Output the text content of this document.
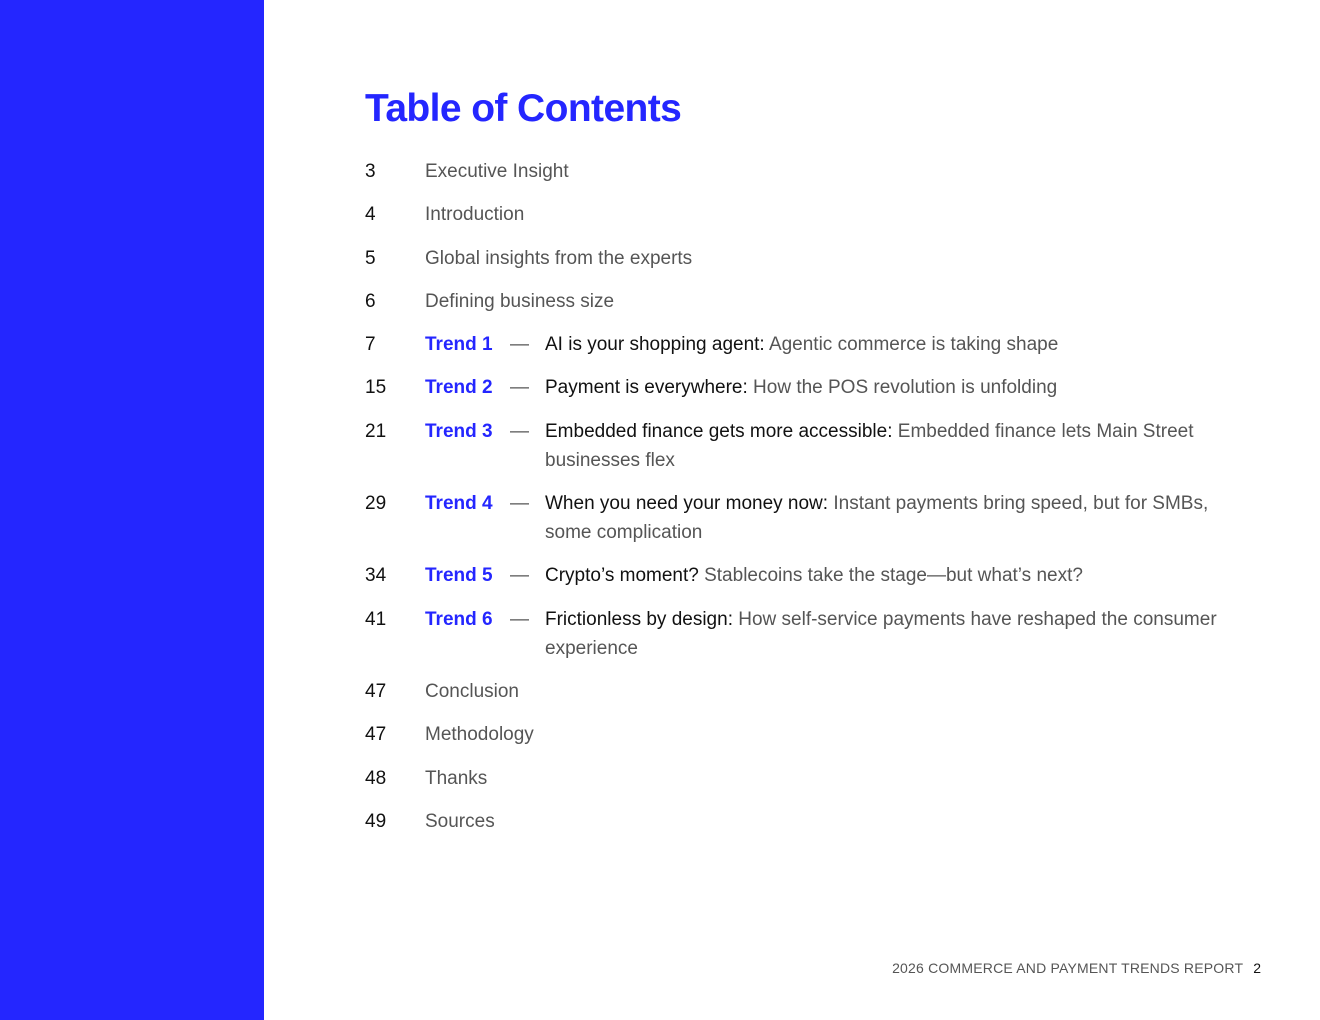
Table of Contents
3	Executive Insight

4	Introduction

5	Global insights from the experts

6	Defining business size

7	Trend 1 — AI is your shopping agent: Agentic commerce is taking shape
15 Trend 2 — Payment is everywhere: How the POS revolution is unfolding
21 Trend 3 — Embedded finance gets more accessible: Embedded finance lets Main Street businesses flex
29 Trend 4 — When you need your money now: Instant payments bring speed, but for SMBs, some complication
34 Trend 5 — Crypto’s moment? Stablecoins take the stage—but what’s next?
41 Trend 6 — Frictionless by design: How self-service payments have reshaped the consumer experience
47 Conclusion

47 Methodology

48 Thanks

49 Sources

2026 COMMERCE AND PAYMENT TRENDS REPORT 2
